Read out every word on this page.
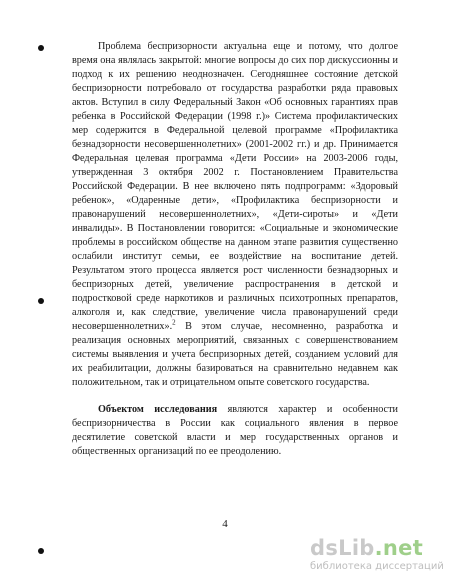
Проблема беспризорности актуальна еще и потому, что долгое время она являлась закрытой: многие вопросы до сих пор дискуссионны и подход к их решению неоднозначен. Сегодняшнее состояние детской беспризорности потребовало от государства разработки ряда правовых актов. Вступил в силу Федеральный Закон «Об основных гарантиях прав ребенка в Российской Федерации (1998 г.)» Система профилактических мер содержится в Федеральной целевой программе «Профилактика безнадзорности несовершеннолетних» (2001-2002 гг.) и др. Принимается Федеральная целевая программа «Дети России» на 2003-2006 годы, утвержденная 3 октября 2002 г. Постановлением Правительства Российской Федерации. В нее включено пять подпрограмм: «Здоровый ребенок», «Одаренные дети», «Профилактика беспризорности и правонарушений несовершеннолетних», «Дети-сироты» и «Дети инвалиды». В Постановлении говорится: «Социальные и экономические проблемы в российском обществе на данном этапе развития существенно ослабили институт семьи, ее воздействие на воспитание детей. Результатом этого процесса является рост численности безнадзорных и беспризорных детей, увеличение распространения в детской и подростковой среде наркотиков и различных психотропных препаратов, алкоголя и, как следствие, увеличение числа правонарушений среди несовершеннолетних».$^2$ В этом случае, несомненно, разработка и реализация основных мероприятий, связанных с совершенствованием системы выявления и учета беспризорных детей, созданием условий для их реабилитации, должны базироваться на сравнительно недавнем как положительном, так и отрицательном опыте советского государства.

Объектом исследования являются характер и особенности беспризорничества в России как социального явления в первое десятилетие советской власти и мер государственных органов и общественных организаций по ее преодолению.

4
dsLib.net
библиотека диссертаций
